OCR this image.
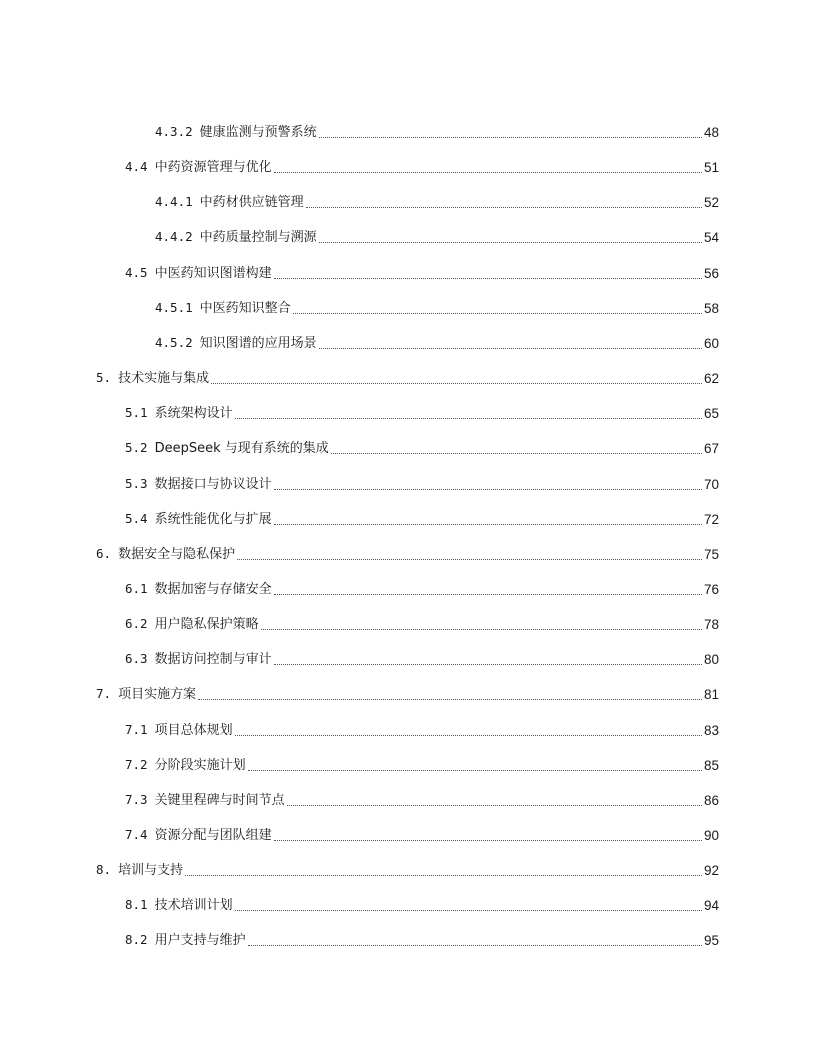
4.3.2 健康监测与预警系统	48
4.4 中药资源管理与优化	51
4.4.1 中药材供应链管理	52
4.4.2 中药质量控制与溯源	54
4.5 中医药知识图谱构建	56
4.5.1 中医药知识整合	58
4.5.2 知识图谱的应用场景	60
5. 技术实施与集成	62
5.1 系统架构设计	65
5.2 DeepSeek 与现有系统的集成	67
5.3 数据接口与协议设计	70
5.4 系统性能优化与扩展	72
6. 数据安全与隐私保护	75
6.1 数据加密与存储安全	76
6.2 用户隐私保护策略	78
6.3 数据访问控制与审计	80
7. 项目实施方案	81
7.1 项目总体规划	83
7.2 分阶段实施计划	85
7.3 关键里程碑与时间节点	86
7.4 资源分配与团队组建	90
8. 培训与支持	92
8.1 技术培训计划	94
8.2 用户支持与维护	95
